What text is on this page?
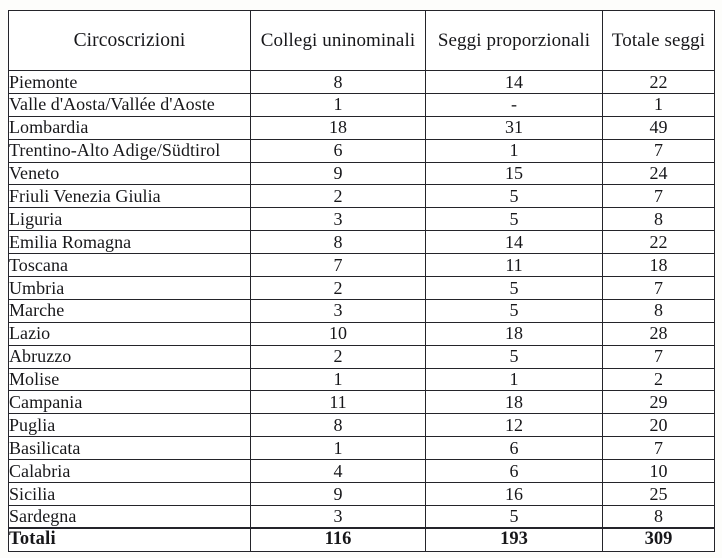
Circoscrizioni	Collegi uninominali	Seggi proporzionali	Totale seggi
Piemonte	8	14	22
Valle d'Aosta/Vallée d'Aoste	1	-	1
Lombardia	18	31	49
Trentino-Alto Adige/Südtirol	6	1	7
Veneto	9	15	24
Friuli Venezia Giulia	2	5	7
Liguria	3	5	8
Emilia Romagna	8	14	22
Toscana	7	11	18
Umbria	2	5	7
Marche	3	5	8
Lazio	10	18	28
Abruzzo	2	5	7
Molise	1	1	2
Campania	11	18	29
Puglia	8	12	20
Basilicata	1	6	7
Calabria	4	6	10
Sicilia	9	16	25
Sardegna	3	5	8
Totali	116	193	309
